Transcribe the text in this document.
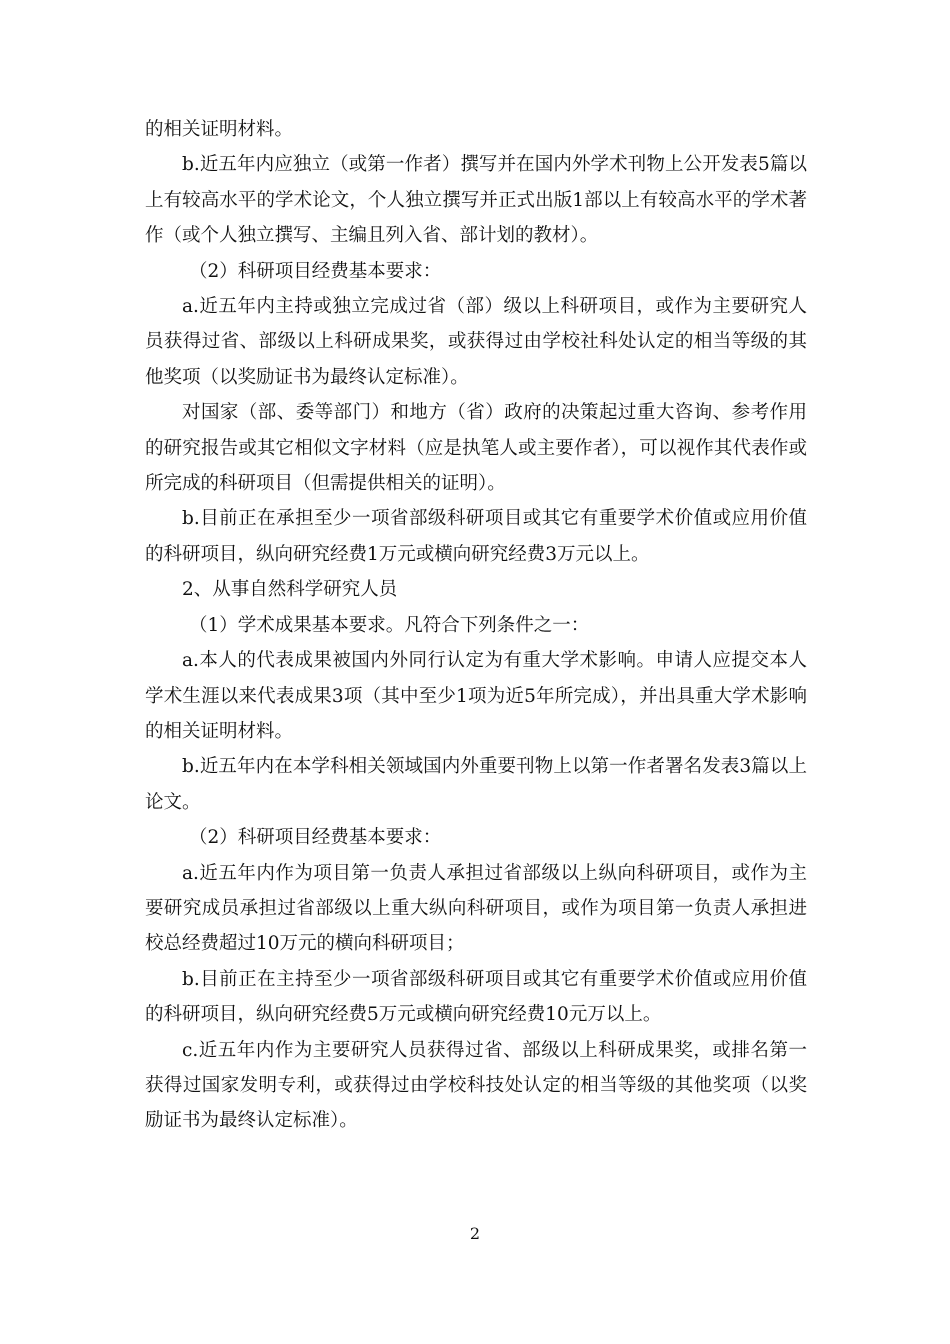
的相关证明材料。

b.近五年内应独立（或第一作者）撰写并在国内外学术刊物上公开发表5篇以上有较高水平的学术论文，个人独立撰写并正式出版1部以上有较高水平的学术著作（或个人独立撰写、主编且列入省、部计划的教材）。

（2）科研项目经费基本要求：

a.近五年内主持或独立完成过省（部）级以上科研项目，或作为主要研究人员获得过省、部级以上科研成果奖，或获得过由学校社科处认定的相当等级的其他奖项（以奖励证书为最终认定标准）。

对国家（部、委等部门）和地方（省）政府的决策起过重大咨询、参考作用的研究报告或其它相似文字材料（应是执笔人或主要作者），可以视作其代表作或所完成的科研项目（但需提供相关的证明）。

b.目前正在承担至少一项省部级科研项目或其它有重要学术价值或应用价值的科研项目，纵向研究经费1万元或横向研究经费3万元以上。

2、从事自然科学研究人员

（1）学术成果基本要求。凡符合下列条件之一：

a.本人的代表成果被国内外同行认定为有重大学术影响。申请人应提交本人学术生涯以来代表成果3项（其中至少1项为近5年所完成），并出具重大学术影响的相关证明材料。

b.近五年内在本学科相关领域国内外重要刊物上以第一作者署名发表3篇以上论文。

（2）科研项目经费基本要求：

a.近五年内作为项目第一负责人承担过省部级以上纵向科研项目，或作为主要研究成员承担过省部级以上重大纵向科研项目，或作为项目第一负责人承担进校总经费超过10万元的横向科研项目；

b.目前正在主持至少一项省部级科研项目或其它有重要学术价值或应用价值的科研项目，纵向研究经费5万元或横向研究经费10元万以上。

c.近五年内作为主要研究人员获得过省、部级以上科研成果奖，或排名第一获得过国家发明专利，或获得过由学校科技处认定的相当等级的其他奖项（以奖励证书为最终认定标准）。

2
